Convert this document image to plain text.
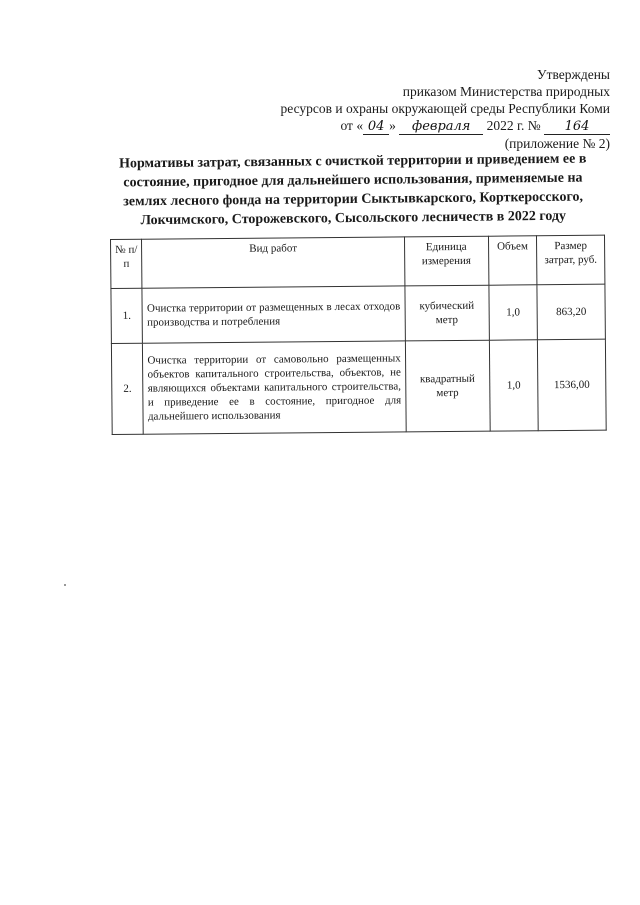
Утверждены
приказом Министерства природных
ресурсов и охраны окружающей среды Республики Коми
от « 04 » февраля 2022 г. № 164
(приложение № 2)
Нормативы затрат, связанных с очисткой территории и приведением ее в состояние, пригодное для дальнейшего использования, применяемые на землях лесного фонда на территории Сыктывкарского, Корткеросского, Локчимского, Сторожевского, Сысольского лесничеств в 2022 году
№ п/п	Вид работ	Единица измерения	Объем	Размер затрат, руб.
1.	Очистка территории от размещенных в лесах отходов производства и потребления	кубический метр	1,0	863,20
2.	Очистка территории от самовольно размещенных объектов капитального строительства, объектов, не являющихся объектами капитального строительства, и приведение ее в состояние, пригодное для дальнейшего использования	квадратный метр	1,0	1536,00
